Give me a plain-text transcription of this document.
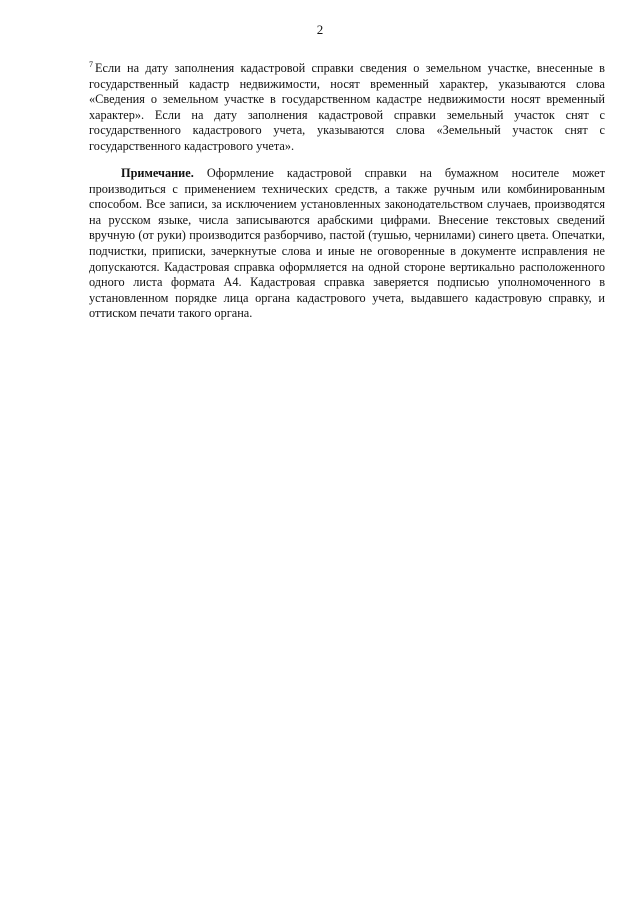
2
$^7$ Если на дату заполнения кадастровой справки сведения о земельном участке, внесенные в государственный кадастр недвижимости, носят временный характер, указываются слова «Сведения о земельном участке в государственном кадастре недвижимости носят временный характер». Если на дату заполнения кадастровой справки земельный участок снят с государственного кадастрового учета, указываются слова «Земельный участок снят с государственного кадастрового учета».
Примечание. Оформление кадастровой справки на бумажном носителе может производиться с применением технических средств, а также ручным или комбинированным способом. Все записи, за исключением установленных законодательством случаев, производятся на русском языке, числа записываются арабскими цифрами. Внесение текстовых сведений вручную (от руки) производится разборчиво, пастой (тушью, чернилами) синего цвета. Опечатки, подчистки, приписки, зачеркнутые слова и иные не оговоренные в документе исправления не допускаются. Кадастровая справка оформляется на одной стороне вертикально расположенного одного листа формата А4. Кадастровая справка заверяется подписью уполномоченного в установленном порядке лица органа кадастрового учета, выдавшего кадастровую справку, и оттиском печати такого органа.
